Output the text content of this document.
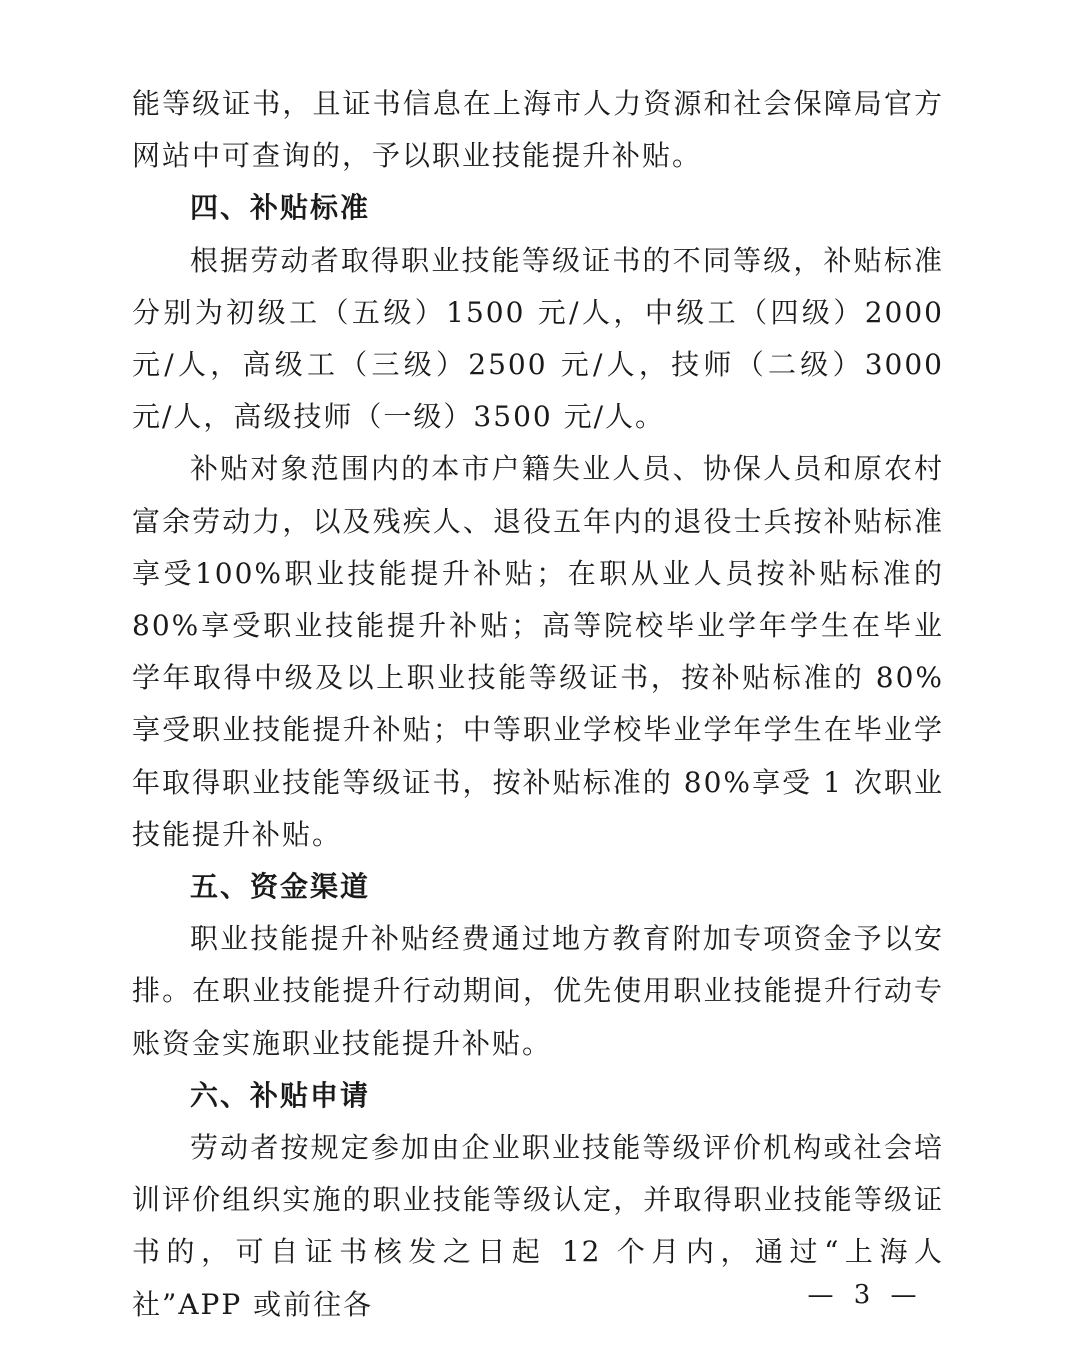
能等级证书，且证书信息在上海市人力资源和社会保障局官方网站中可查询的，予以职业技能提升补贴。

四、补贴标准

根据劳动者取得职业技能等级证书的不同等级，补贴标准分别为初级工（五级）1500 元/人，中级工（四级）2000 元/人，高级工（三级）2500 元/人，技师（二级）3000 元/人，高级技师（一级）3500 元/人。

补贴对象范围内的本市户籍失业人员、协保人员和原农村富余劳动力，以及残疾人、退役五年内的退役士兵按补贴标准享受100%职业技能提升补贴；在职从业人员按补贴标准的 80%享受职业技能提升补贴；高等院校毕业学年学生在毕业学年取得中级及以上职业技能等级证书，按补贴标准的 80%享受职业技能提升补贴；中等职业学校毕业学年学生在毕业学年取得职业技能等级证书，按补贴标准的 80%享受 1 次职业技能提升补贴。

五、资金渠道

职业技能提升补贴经费通过地方教育附加专项资金予以安排。在职业技能提升行动期间，优先使用职业技能提升行动专账资金实施职业技能提升补贴。

六、补贴申请

劳动者按规定参加由企业职业技能等级评价机构或社会培训评价组织实施的职业技能等级认定，并取得职业技能等级证书的，可自证书核发之日起 12 个月内，通过“上海人社”APP 或前往各	— 3 —
